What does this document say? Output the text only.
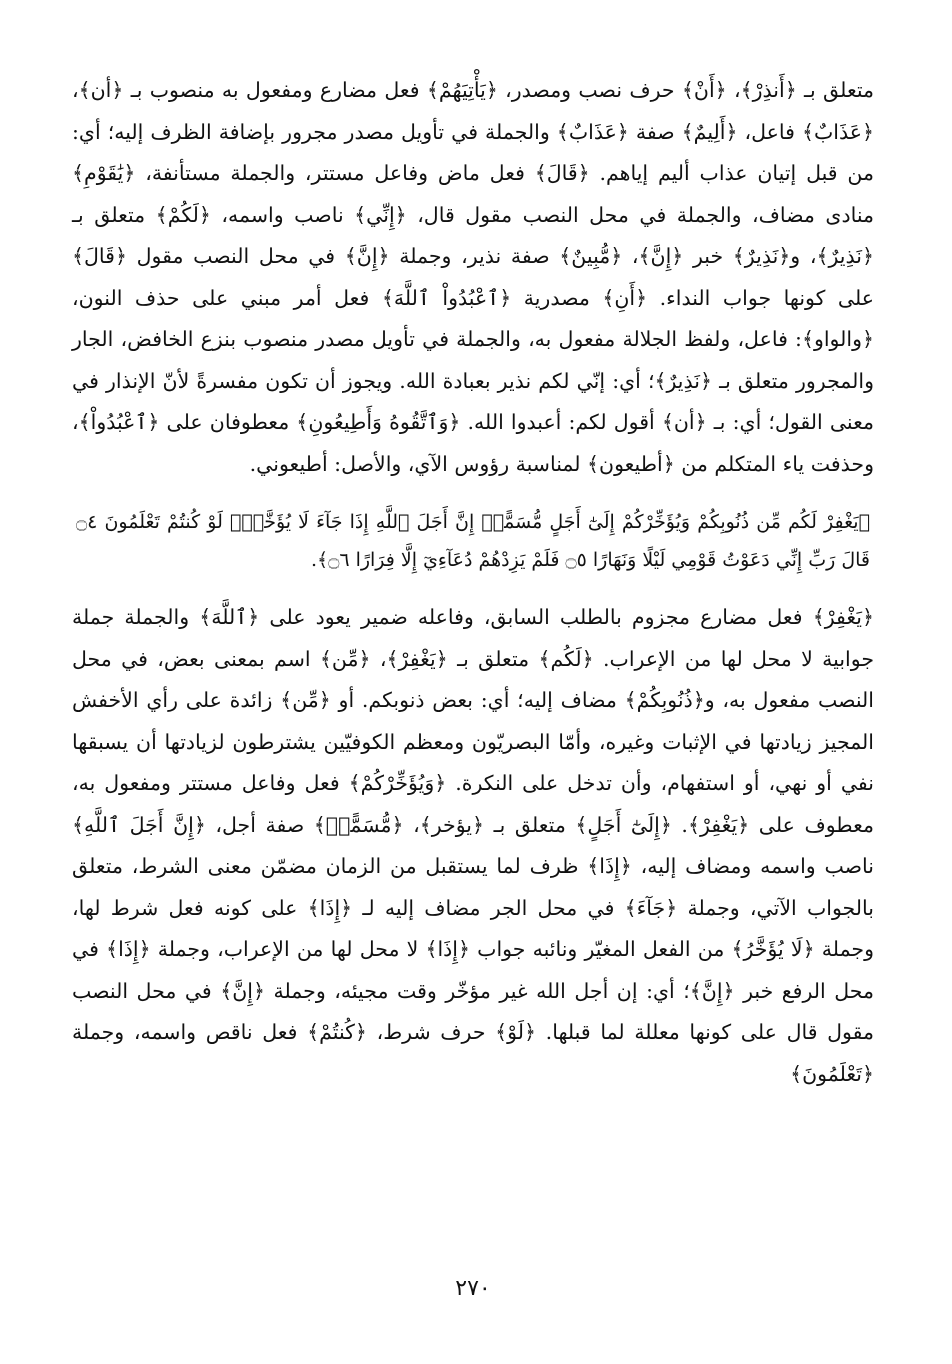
متعلق بـ ﴿أَنذِرْ﴾، ﴿أَنْ﴾ حرف نصب ومصدر، ﴿يَأْتِيَهُمْ﴾ فعل مضارع ومفعول به منصوب بـ ﴿أن﴾، ﴿عَذَابٌ﴾ فاعل، ﴿أَلِيمٌ﴾ صفة ﴿عَذَابٌ﴾ والجملة في تأويل مصدر مجرور بإضافة الظرف إليه؛ أي: من قبل إتيان عذاب أليم إياهم. ﴿قَالَ﴾ فعل ماض وفاعل مستتر، والجملة مستأنفة، ﴿يَٰقَوْمِ﴾ منادى مضاف، والجملة في محل النصب مقول قال، ﴿إِنِّي﴾ ناصب واسمه، ﴿لَكُمْ﴾ متعلق بـ ﴿نَذِيرٌ﴾، و﴿نَذِيرٌ﴾ خبر ﴿إِنَّ﴾، ﴿مُّبِينٌ﴾ صفة نذير، وجملة ﴿إِنَّ﴾ في محل النصب مقول ﴿قَالَ﴾ على كونها جواب النداء. ﴿أَنِ﴾ مصدرية ﴿ٱعْبُدُواْ ٱللَّهَ﴾ فعل أمر مبني على حذف النون، ﴿والواو﴾: فاعل، ولفظ الجلالة مفعول به، والجملة في تأويل مصدر منصوب بنزع الخافض، الجار والمجرور متعلق بـ ﴿نَذِيرٌ﴾؛ أي: إنّي لكم نذير بعبادة الله. ويجوز أن تكون مفسرةً لأنّ الإنذار في معنى القول؛ أي: بـ ﴿أن﴾ أقول لكم: أعبدوا الله. ﴿وَٱتَّقُوهُ وَأَطِيعُونِ﴾ معطوفان على ﴿ٱعْبُدُواْ﴾، وحذفت ياء المتكلم من ﴿أطيعون﴾ لمناسبة رؤوس الآي، والأصل: أطيعوني.

﴿يَغْفِرْ لَكُم مِّن ذُنُوبِكُمْ وَيُؤَخِّرْكُمْ إِلَىٰٓ أَجَلٍ مُّسَمًّىۚ إِنَّ أَجَلَ ٱللَّهِ إِذَا جَآءَ لَا يُؤَخَّرُۚ لَوْ كُنتُمْ تَعْلَمُونَ ۝٤ قَالَ رَبِّ إِنِّي دَعَوْتُ قَوْمِي لَيْلًا وَنَهَارًا ۝٥ فَلَمْ يَزِدْهُمْ دُعَآءِيٓ إِلَّا فِرَارًا ۝٦﴾.

﴿يَغْفِرْ﴾ فعل مضارع مجزوم بالطلب السابق، وفاعله ضمير يعود على ﴿ٱللَّهَ﴾ والجملة جملة جوابية لا محل لها من الإعراب. ﴿لَكُم﴾ متعلق بـ ﴿يَغْفِرْ﴾، ﴿مِّن﴾ اسم بمعنى بعض، في محل النصب مفعول به، و﴿ذُنُوبِكُمْ﴾ مضاف إليه؛ أي: بعض ذنوبكم. أو ﴿مِّن﴾ زائدة على رأي الأخفش المجيز زيادتها في الإثبات وغيره، وأمّا البصريّون ومعظم الكوفيّين يشترطون لزيادتها أن يسبقها نفي أو نهي، أو استفهام، وأن تدخل على النكرة. ﴿وَيُؤَخِّرْكُمْ﴾ فعل وفاعل مستتر ومفعول به، معطوف على ﴿يَغْفِرْ﴾. ﴿إِلَىٰٓ أَجَلٍ﴾ متعلق بـ ﴿يؤخر﴾، ﴿مُّسَمًّىۚ﴾ صفة أجل، ﴿إِنَّ أَجَلَ ٱللَّهِ﴾ ناصب واسمه ومضاف إليه، ﴿إِذَا﴾ ظرف لما يستقبل من الزمان مضمّن معنى الشرط، متعلق بالجواب الآتي، وجملة ﴿جَآءَ﴾ في محل الجر مضاف إليه لـ ﴿إِذَا﴾ على كونه فعل شرط لها، وجملة ﴿لَا يُؤَخَّرُ﴾ من الفعل المغيّر ونائبه جواب ﴿إِذَا﴾ لا محل لها من الإعراب، وجملة ﴿إِذَا﴾ في محل الرفع خبر ﴿إِنَّ﴾؛ أي: إن أجل الله غير مؤخّر وقت مجيئه، وجملة ﴿إِنَّ﴾ في محل النصب مقول قال على كونها معللة لما قبلها. ﴿لَوْ﴾ حرف شرط، ﴿كُنتُمْ﴾ فعل ناقص واسمه، وجملة ﴿تَعْلَمُونَ﴾

٢٧٠
